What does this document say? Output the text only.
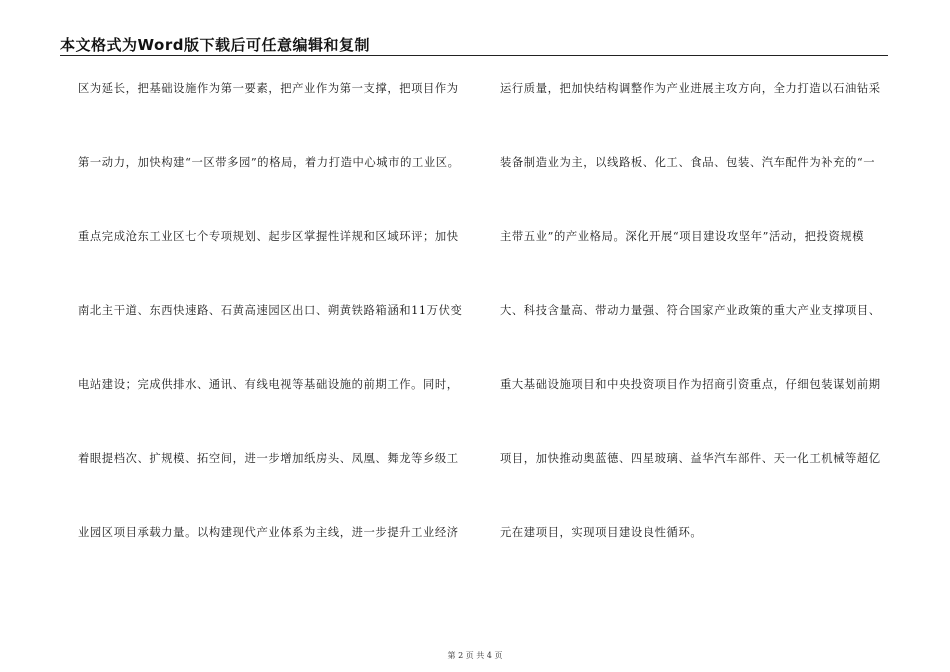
本文格式为Word版下载后可任意编辑和复制
区为延长，把基础设施作为第一要素，把产业作为第一支撑，把项目作为
第一动力，加快构建“一区带多园”的格局，着力打造中心城市的工业区。
重点完成沧东工业区七个专项规划、起步区掌握性详规和区域环评；加快
南北主干道、东西快速路、石黄高速园区出口、朔黄铁路箱涵和11万伏变
电站建设；完成供排水、通讯、有线电视等基础设施的前期工作。同时，
着眼提档次、扩规模、拓空间，进一步增加纸房头、凤凰、舞龙等乡级工
业园区项目承载力量。以构建现代产业体系为主线，进一步提升工业经济
运行质量，把加快结构调整作为产业进展主攻方向，全力打造以石油钻采
装备制造业为主，以线路板、化工、食品、包装、汽车配件为补充的“一
主带五业”的产业格局。深化开展“项目建设攻坚年”活动，把投资规模
大、科技含量高、带动力量强、符合国家产业政策的重大产业支撑项目、
重大基础设施项目和中央投资项目作为招商引资重点，仔细包装谋划前期
项目，加快推动奥蓝德、四星玻璃、益华汽车部件、天一化工机械等超亿
元在建项目，实现项目建设良性循环。
第 2 页 共 4 页
